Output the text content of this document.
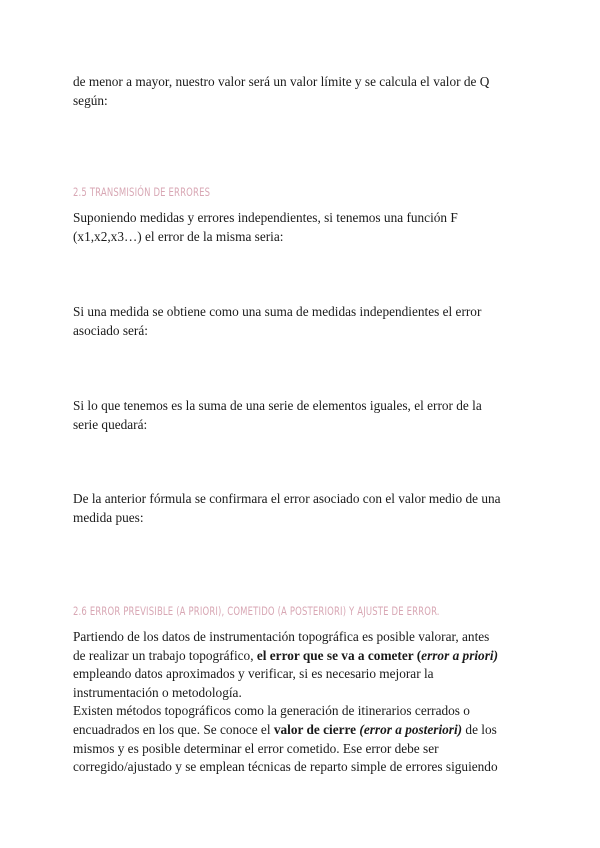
de menor a mayor, nuestro valor será un valor límite y se calcula el valor de Q
según:

2.5 TRANSMISIÓN DE ERRORES

Suponiendo medidas y errores independientes, si tenemos una función F
(x1,x2,x3…) el error de la misma seria:

Si una medida se obtiene como una suma de medidas independientes el error
asociado será:

Si lo que tenemos es la suma de una serie de elementos iguales, el error de la
serie quedará:

De la anterior fórmula se confirmara el error asociado con el valor medio de una
medida pues:

2.6 ERROR PREVISIBLE (A PRIORI), COMETIDO (A POSTERIORI) Y AJUSTE DE ERROR.

Partiendo de los datos de instrumentación topográfica es posible valorar, antes
de realizar un trabajo topográfico, el error que se va a cometer (error a priori)
empleando datos aproximados y verificar, si es necesario mejorar la
instrumentación o metodología.
Existen métodos topográficos como la generación de itinerarios cerrados o
encuadrados en los que. Se conoce el valor de cierre (error a posteriori) de los
mismos y es posible determinar el error cometido. Ese error debe ser
corregido/ajustado y se emplean técnicas de reparto simple de errores siguiendo
